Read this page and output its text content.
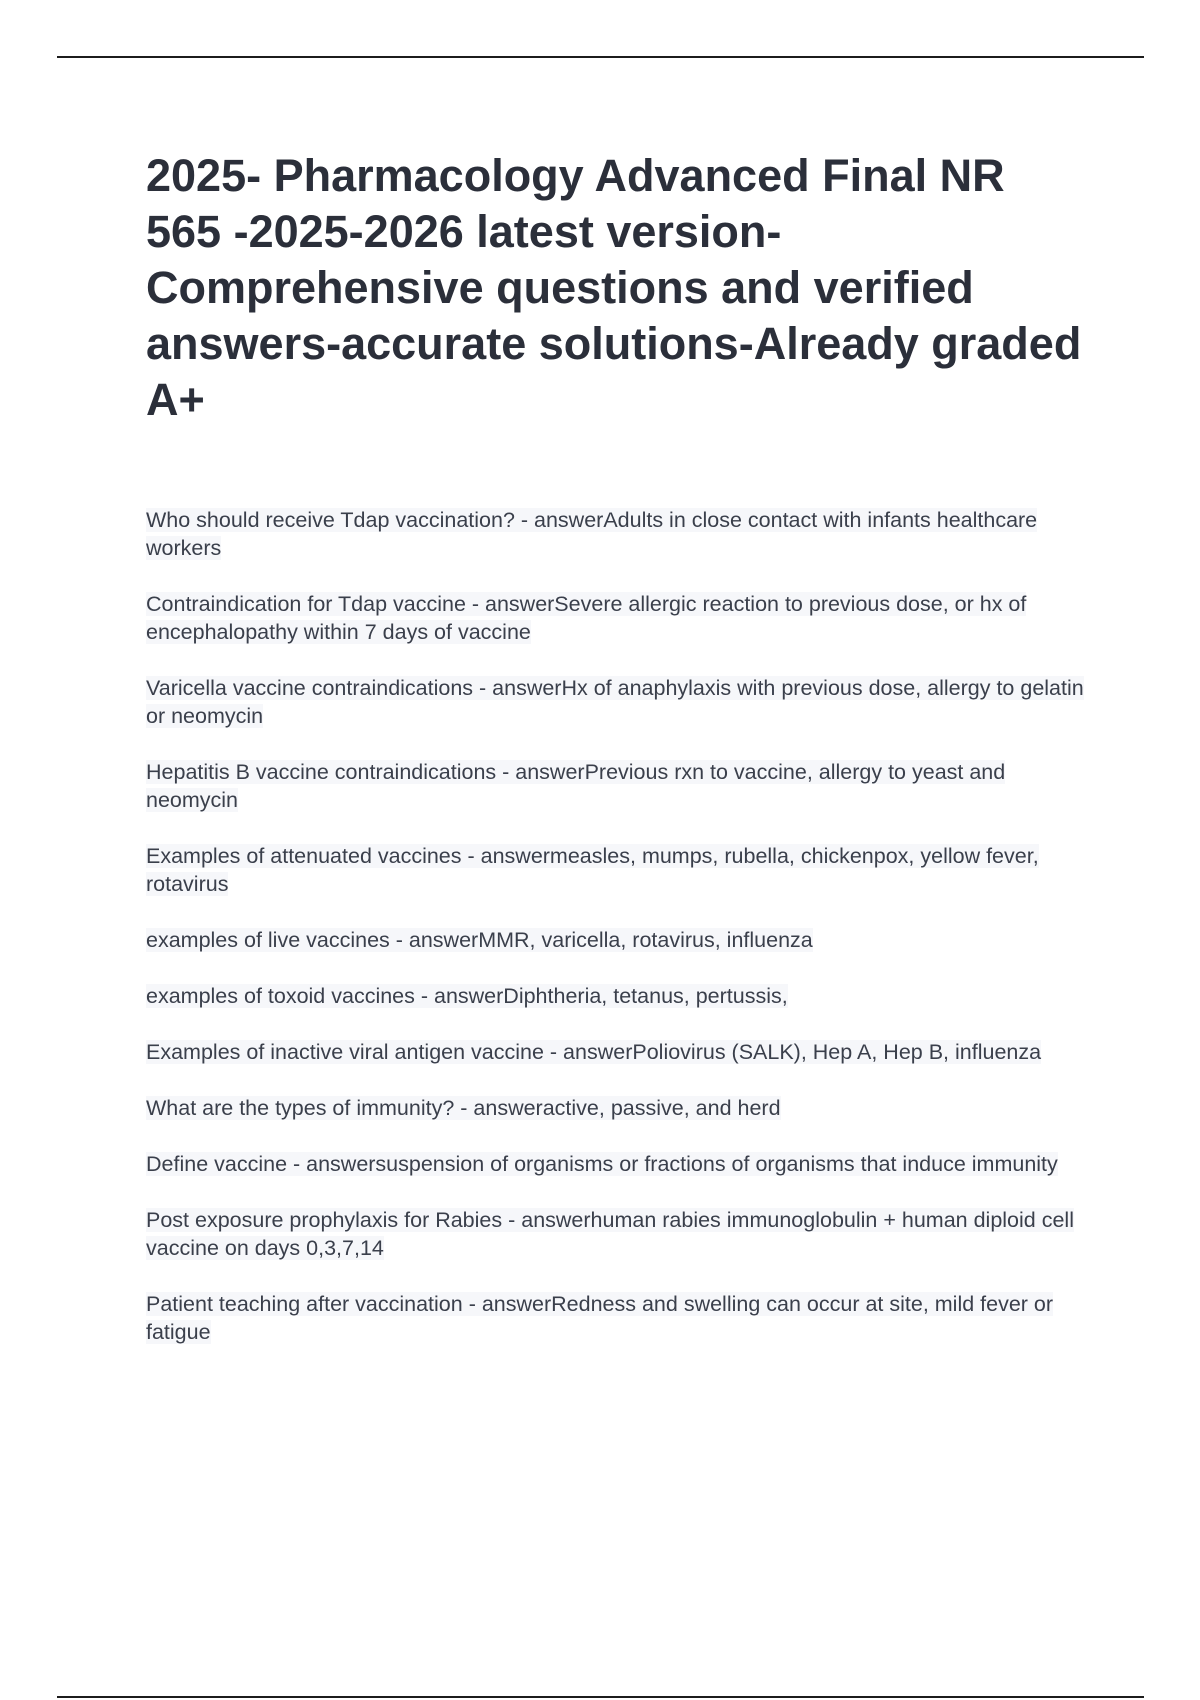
2025- Pharmacology Advanced Final NR 565 -2025-2026 latest version-Comprehensive questions and verified answers-accurate solutions-Already graded A+
Who should receive Tdap vaccination? - answerAdults in close contact with infants healthcare workers
Contraindication for Tdap vaccine - answerSevere allergic reaction to previous dose, or hx of encephalopathy within 7 days of vaccine
Varicella vaccine contraindications - answerHx of anaphylaxis with previous dose, allergy to gelatin or neomycin
Hepatitis B vaccine contraindications - answerPrevious rxn to vaccine, allergy to yeast and neomycin
Examples of attenuated vaccines - answermeasles, mumps, rubella, chickenpox, yellow fever, rotavirus
examples of live vaccines - answerMMR, varicella, rotavirus, influenza
examples of toxoid vaccines - answerDiphtheria, tetanus, pertussis,
Examples of inactive viral antigen vaccine - answerPoliovirus (SALK), Hep A, Hep B, influenza
What are the types of immunity? - answeractive, passive, and herd
Define vaccine - answersuspension of organisms or fractions of organisms that induce immunity
Post exposure prophylaxis for Rabies - answerhuman rabies immunoglobulin + human diploid cell vaccine on days 0,3,7,14
Patient teaching after vaccination - answerRedness and swelling can occur at site, mild fever or fatigue
